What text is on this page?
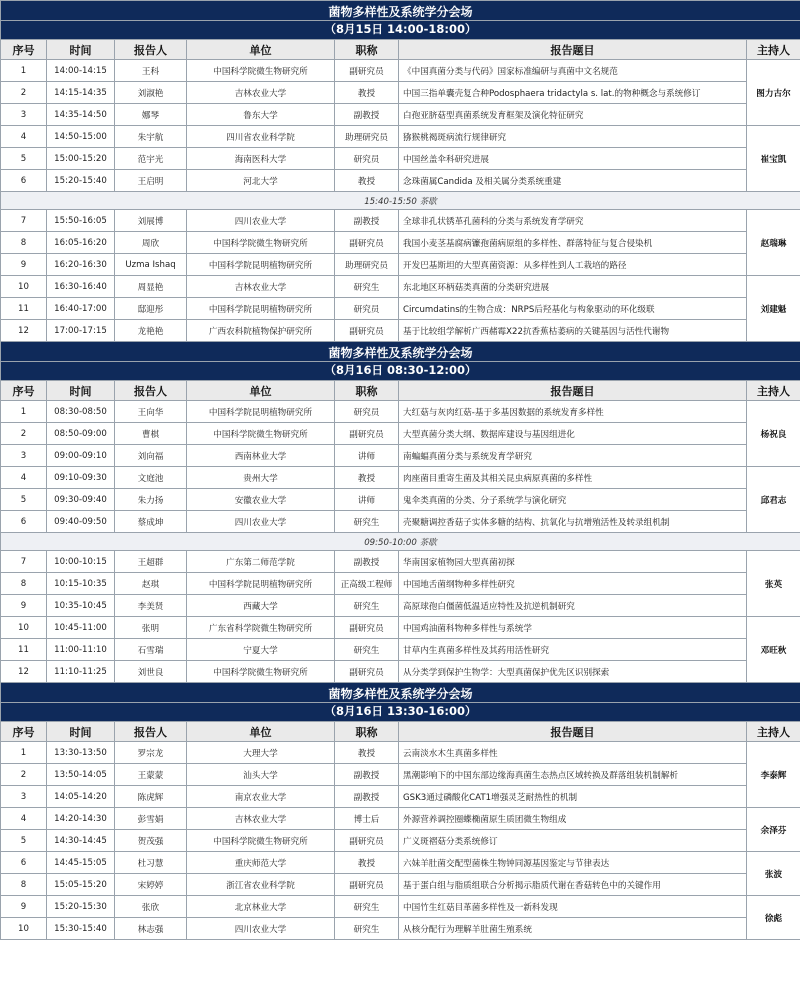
菌物多样性及系统学分会场						
（8月15日 14:00-18:00）						
序号	时间	报告人	单位	职称	报告题目	主持人
1	14:00-14:15	王科	中国科学院微生物研究所	副研究员	《中国真菌分类与代码》国家标准编研与真菌中文名规范	图力古尔
2	14:15-14:35	刘淑艳	吉林农业大学	教授	中国三指单囊壳复合种Podosphaera tridactyla s. lat.的物种概念与系统修订	
3	14:35-14:50	娜琴	鲁东大学	副教授	白孢亚脐菇型真菌系统发育框架及演化特征研究	
4	14:50-15:00	朱宇航	四川省农业科学院	助理研究员	猕猴桃褐斑病流行规律研究	崔宝凯
5	15:00-15:20	范宇光	海南医科大学	研究员	中国丝盖伞科研究进展	
6	15:20-15:40	王启明	河北大学	教授	念珠菌属Candida 及相关属分类系统重建	
15:40-15:50 茶歇						
7	15:50-16:05	刘展博	四川农业大学	副教授	全球非孔状锈革孔菌科的分类与系统发育学研究	赵瑞琳
8	16:05-16:20	周欣	中国科学院微生物研究所	副研究员	我国小麦茎基腐病镰孢菌病原组的多样性、群落特征与复合侵染机	
9	16:20-16:30	Uzma Ishaq	中国科学院昆明植物研究所	助理研究员	开发巴基斯坦的大型真菌资源：从多样性到人工栽培的路径	
10	16:30-16:40	周显艳	吉林农业大学	研究生	东北地区环柄菇类真菌的分类研究进展	刘建魁
11	16:40-17:00	邸迎彤	中国科学院昆明植物研究所	研究员	Circumdatins的生物合成：NRPS后羟基化与构象驱动的环化级联	
12	17:00-17:15	龙艳艳	广西农科院植物保护研究所	副研究员	基于比较组学解析广西赭霉X22抗香蕉枯萎病的关键基因与活性代谢物	
菌物多样性及系统学分会场						
（8月16日 08:30-12:00）						
序号	时间	报告人	单位	职称	报告题目	主持人
1	08:30-08:50	王向华	中国科学院昆明植物研究所	研究员	大红菇与灰肉红菇-基于多基因数据的系统发育多样性	杨祝良
2	08:50-09:00	曹棋	中国科学院微生物研究所	副研究员	大型真菌分类大纲、数据库建设与基因组进化	
3	09:00-09:10	刘向福	西南林业大学	讲师	南蝙蝠真菌分类与系统发育学研究	
4	09:10-09:30	文庭池	贵州大学	教授	肉座菌目重寄生菌及其相关昆虫病原真菌的多样性	邱君志
5	09:30-09:40	朱力扬	安徽农业大学	讲师	鬼伞类真菌的分类、分子系统学与演化研究	
6	09:40-09:50	蔡成坤	四川农业大学	研究生	壳聚糖调控香菇子实体多糖的结构、抗氧化与抗增殖活性及转录组机制	
09:50-10:00 茶歇						
7	10:00-10:15	王超群	广东第二师范学院	副教授	华南国家植物园大型真菌初探	张英
8	10:15-10:35	赵琪	中国科学院昆明植物研究所	正高级工程师	中国地舌菌纲物种多样性研究	
9	10:35-10:45	李美贤	西藏大学	研究生	高原球孢白僵菌低温适应特性及抗逆机制研究	
10	10:45-11:00	张明	广东省科学院微生物研究所	副研究员	中国鸡油菌科物种多样性与系统学	邓旺秋
11	11:00-11:10	石雪瑞	宁夏大学	研究生	甘草内生真菌多样性及其药用活性研究	
12	11:10-11:25	刘世良	中国科学院微生物研究所	副研究员	从分类学到保护生物学：大型真菌保护优先区识别探索	
菌物多样性及系统学分会场						
（8月16日 13:30-16:00）						
序号	时间	报告人	单位	职称	报告题目	主持人
1	13:30-13:50	罗宗龙	大理大学	教授	云南淡水木生真菌多样性	李泰辉
2	13:50-14:05	王蒙蒙	汕头大学	副教授	黑潮影响下的中国东部边缘海真菌生态热点区域转换及群落组装机制解析	
3	14:05-14:20	陈虎辉	南京农业大学	副教授	GSK3通过磷酸化CAT1增强灵芝耐热性的机制	
4	14:20-14:30	彭雪娟	吉林农业大学	博士后	外源营养调控圈蝶椭菌原生质团微生物组成	余泽芬
5	14:30-14:45	贺茂强	中国科学院微生物研究所	副研究员	广义斑褶菇分类系统修订	
6	14:45-15:05	杜习慧	重庆师范大学	教授	六妹羊肚菌交配型菌株生物钟同源基因鉴定与节律表达	张波
8	15:05-15:20	宋婷婷	浙江省农业科学院	副研究员	基于蛋白组与脂质组联合分析揭示脂质代谢在香菇转色中的关键作用	
9	15:20-15:30	张欣	北京林业大学	研究生	中国竹生红菇目革菌多样性及一新科发现	徐彪
10	15:30-15:40	林志强	四川农业大学	研究生	从核分配行为理解羊肚菌生殖系统	
